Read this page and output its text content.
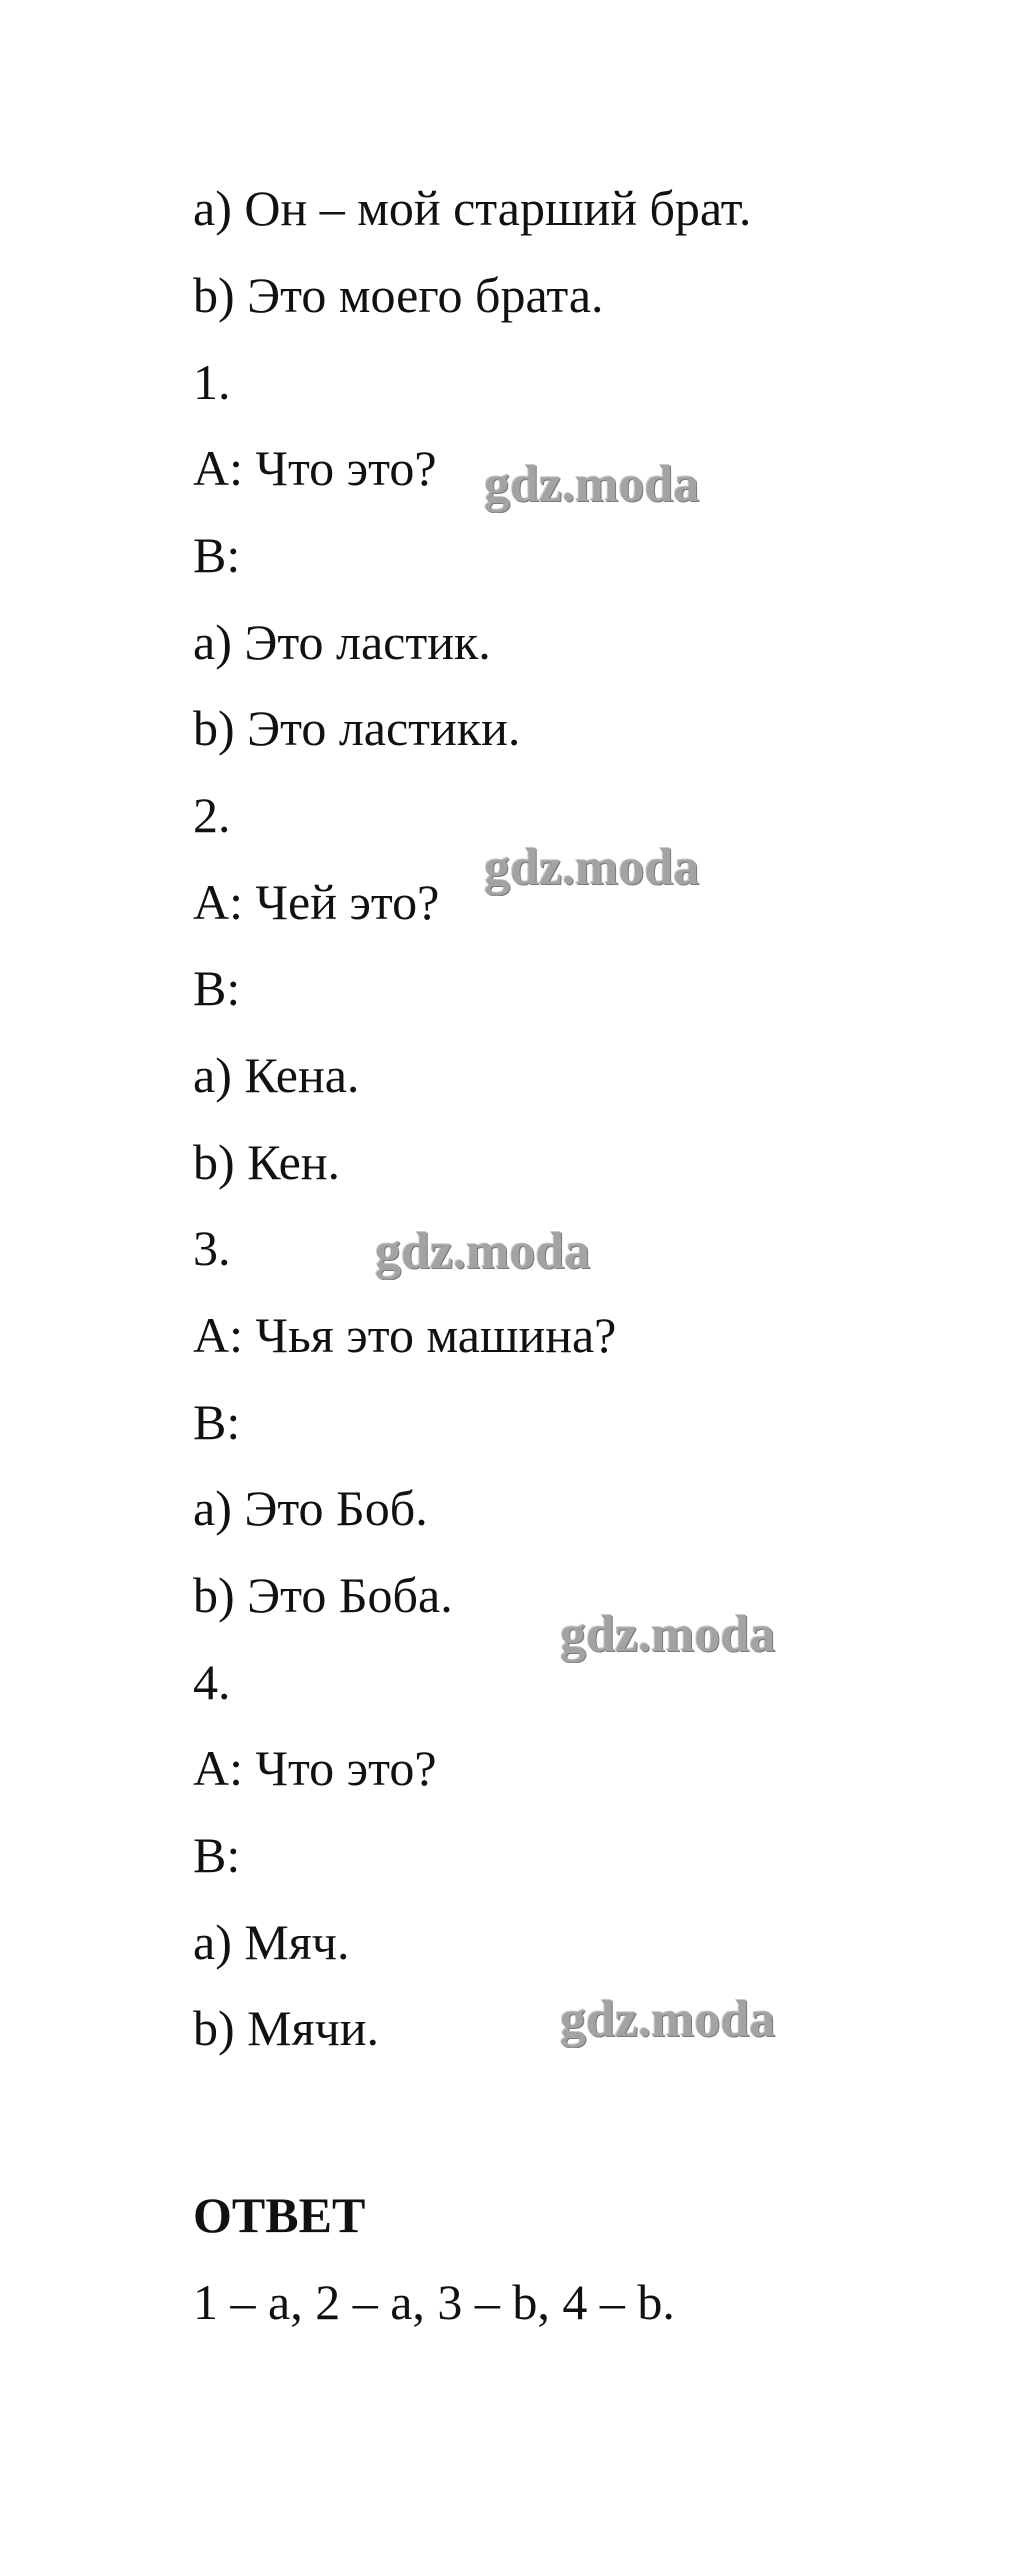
a) Он – мой старший брат.
b) Это моего брата.
1.
A: Что это?
B:
a) Это ластик.
b) Это ластики.
2.
A: Чей это?
B:
a) Кена.
b) Кен.
3.
A: Чья это машина?
B:
a) Это Боб.
b) Это Боба.
4.
A: Что это?
B:
a) Мяч.
b) Мячи.
ОТВЕТ
1 – a, 2 – a, 3 – b, 4 – b.
gdz.moda
gdz.moda
gdz.moda
gdz.moda
gdz.moda
